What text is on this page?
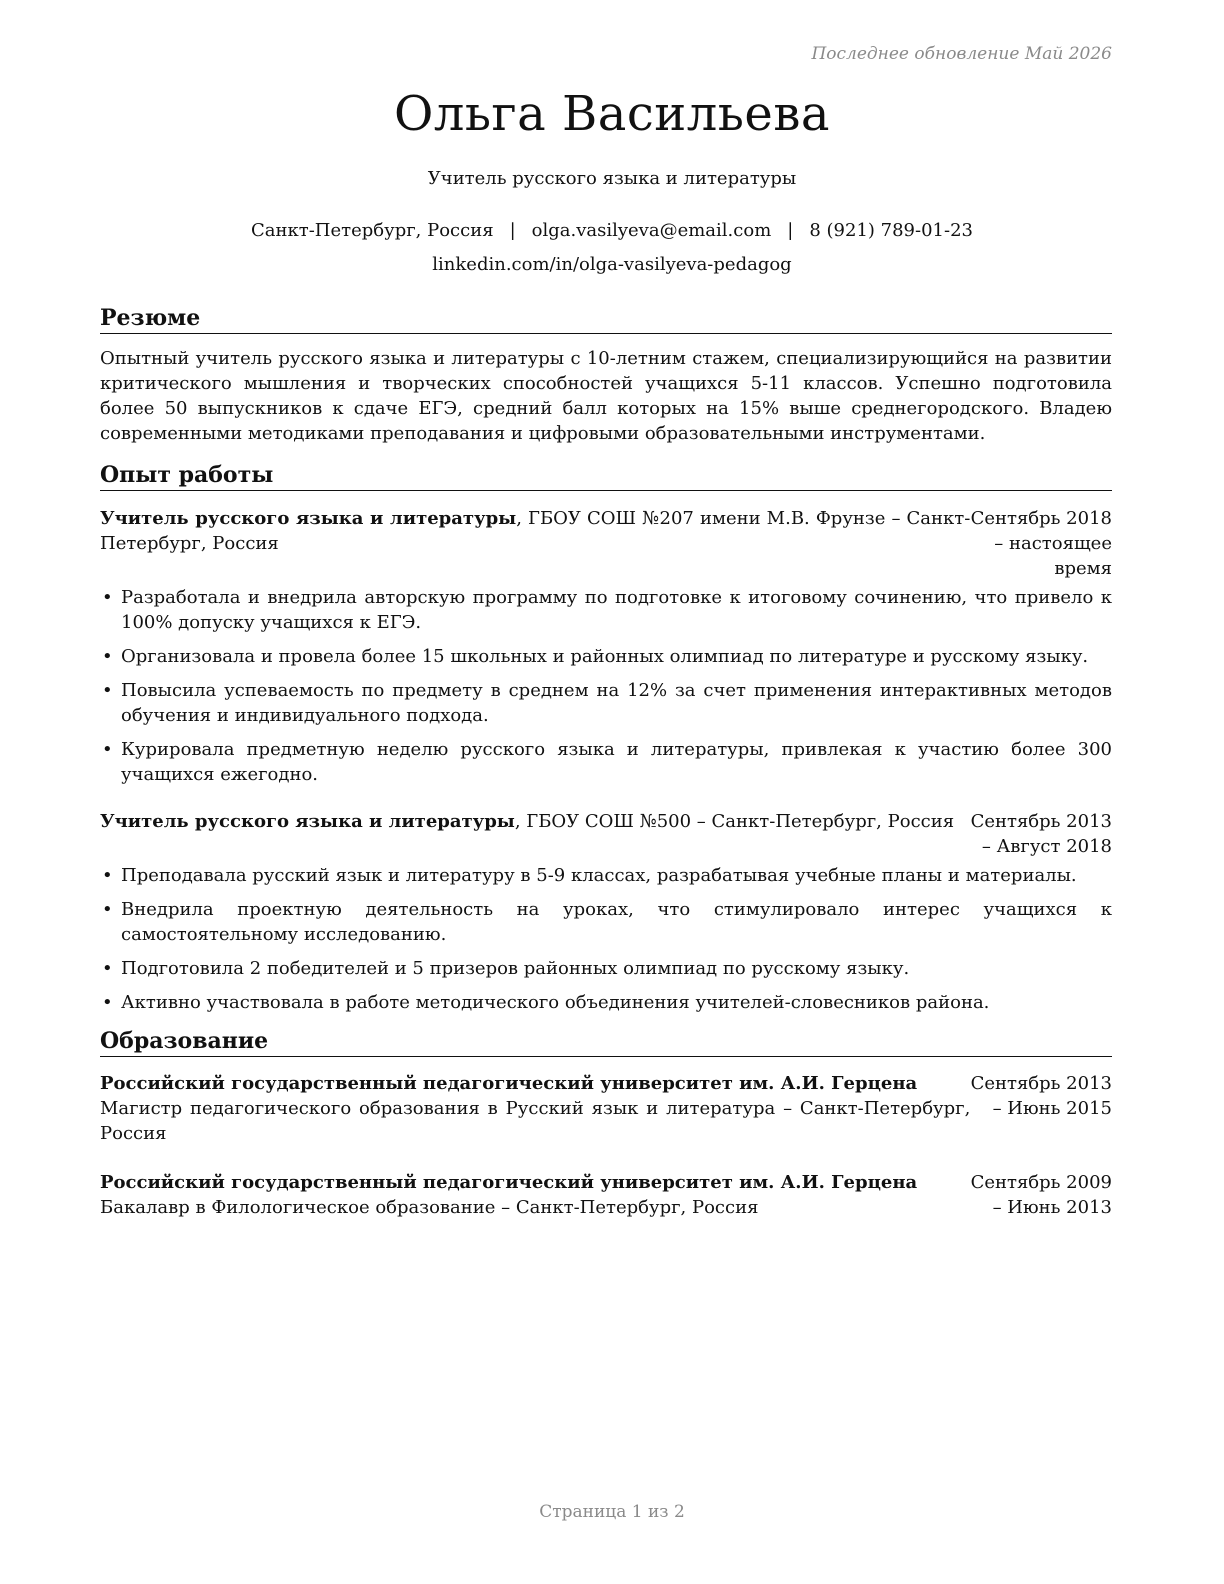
Последнее обновление Май 2026
Ольга Васильева
Учитель русского языка и литературы
Санкт-Петербург, Россия | olga.vasilyeva@email.com | 8 (921) 789-01-23
linkedin.com/in/olga-vasilyeva-pedagog
Резюме

Опытный учитель русского языка и литературы с 10-летним стажем, специализирующийся на развитии критического мышления и творческих способностей учащихся 5-11 классов. Успешно подготовила более 50 выпускников к сдаче ЕГЭ, средний балл которых на 15% выше среднегородского. Владею современными методиками преподавания и цифровыми образовательными инструментами.

Опыт работы
Учитель русского языка и литературы, ГБОУ СОШ №207 имени М.В. Фрунзе – Санкт-Петербург, Россия
Сентябрь 2018 – настоящее время
• Разработала и внедрила авторскую программу по подготовке к итоговому сочинению, что привело к 100% допуску учащихся к ЕГЭ.
• Организовала и провела более 15 школьных и районных олимпиад по литературе и русскому языку.
• Повысила успеваемость по предмету в среднем на 12% за счет применения интерактивных методов обучения и индивидуального подхода.
• Курировала предметную неделю русского языка и литературы, привлекая к участию более 300 учащихся ежегодно.
Учитель русского языка и литературы, ГБОУ СОШ №500 – Санкт-Петербург, Россия Сентябрь 2013 – Август 2018
• Преподавала русский язык и литературу в 5-9 классах, разрабатывая учебные планы и материалы.
• Внедрила проектную деятельность на уроках, что стимулировало интерес учащихся к самостоятельному исследованию.
• Подготовила 2 победителей и 5 призеров районных олимпиад по русскому языку.
• Активно участвовала в работе методического объединения учителей-словесников района.
Образование
Российский государственный педагогический университет им. А.И. Герцена
Магистр педагогического образования в Русский язык и литература – Санкт-Петербург, Россия
Сентябрь 2013 – Июнь 2015
Российский государственный педагогический университет им. А.И. Герцена
Бакалавр в Филологическое образование – Санкт-Петербург, Россия
Сентябрь 2009 – Июнь 2013
Страница 1 из 2
